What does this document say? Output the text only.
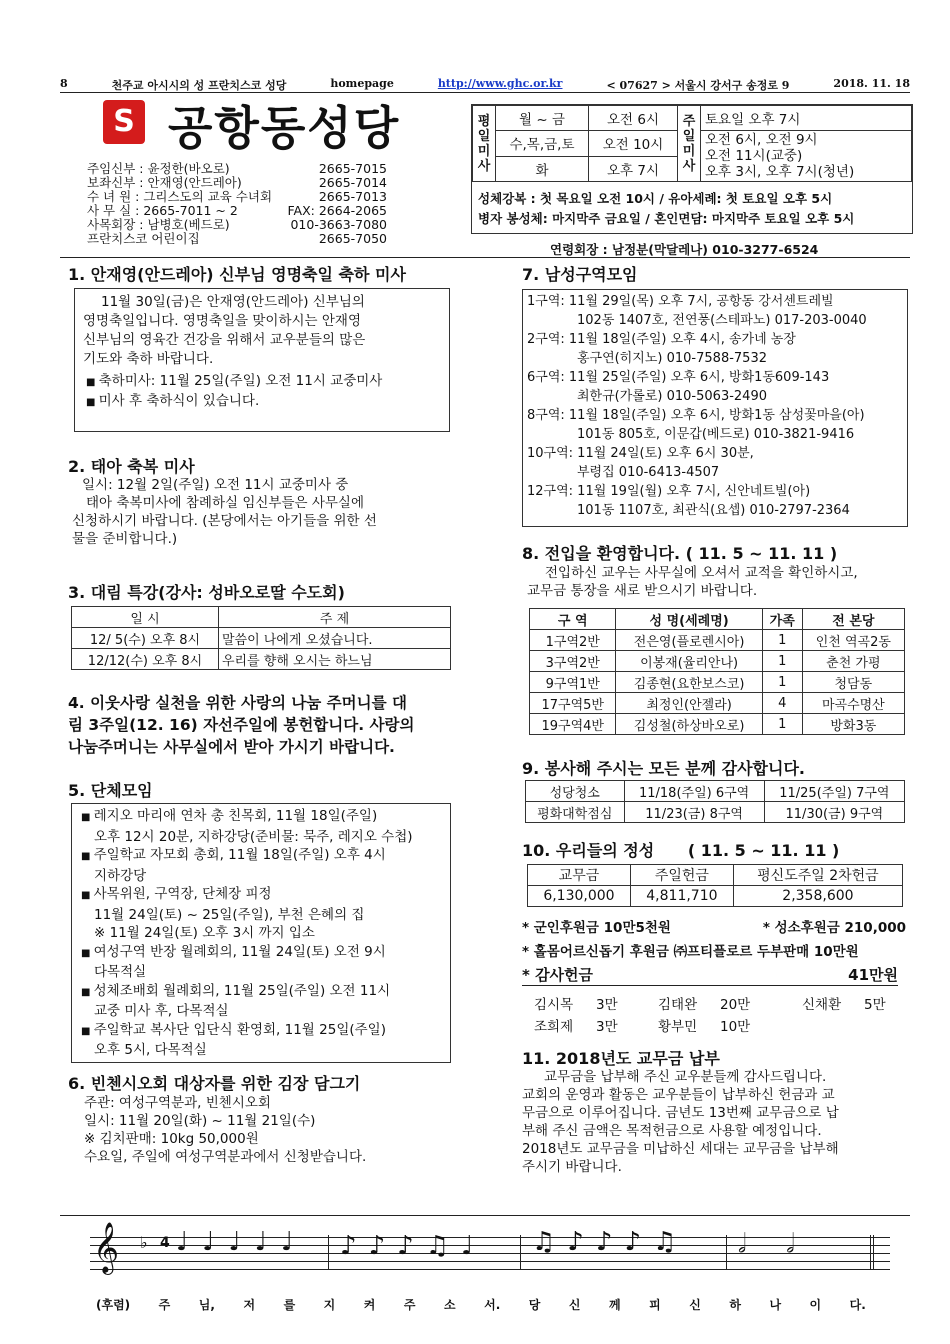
8	천주교 아시시의 성 프란치스코 성당	homepage	http://www.ghc.or.kr	< 07627 > 서울시 강서구 송정로 9	2018. 11. 18
S 공항동성당
주임신부 : 윤정한(바오로)	2665-7015
보좌신부 : 안재영(안드레아)	2665-7014
수 녀 원 : 그리스도의 교육 수녀회	2665-7013
사 무 실 : 2665-7011 ~ 2	FAX: 2664-2065
사목회장 : 남병호(베드로)	010-3663-7080
프란치스코 어린이집	2665-7050
평일미사	월 ~ 금	오전 6시	주일미사	토요일 오후 7시
	수,목,금,토	오전 10시		오전 6시, 오전 9시
오전 11시(교중)
오후 3시, 오후 7시(청년)

	화	오후 7시		
성체강복 : 첫 목요일 오전 10시 / 유아세례: 첫 토요일 오후 5시
병자 봉성체: 마지막주 금요일 / 혼인면담: 마지막주 토요일 오후 5시
연령회장 : 남정분(막달레나) 010-3277-6524
1. 안재영(안드레아) 신부님 영명축일 축하 미사
11월 30일(금)은 안재영(안드레아) 신부님의
영명축일입니다. 영명축일을 맞이하시는 안재영
신부님의 영육간 건강을 위해서 교우분들의 많은
기도와 축하 바랍니다.
■ 축하미사: 11월 25일(주일) 오전 11시 교중미사
■ 미사 후 축하식이 있습니다.
2. 태아 축복 미사
일시: 12월 2일(주일) 오전 11시 교중미사 중
태아 축복미사에 참례하실 임신부들은 사무실에
신청하시기 바랍니다. (본당에서는 아기들을 위한 선
물을 준비합니다.)
3. 대림 특강(강사: 성바오로딸 수도회)
일 시	주 제
12/ 5(수) 오후 8시	말씀이 나에게 오셨습니다.
12/12(수) 오후 8시	우리를 향해 오시는 하느님
4. 이웃사랑 실천을 위한 사랑의 나눔 주머니를 대
림 3주일(12. 16) 자선주일에 봉헌합니다. 사랑의
나눔주머니는 사무실에서 받아 가시기 바랍니다.
5. 단체모임
■ 레지오 마리애 연차 총 친목회, 11월 18일(주일)
오후 12시 20분, 지하강당(준비물: 묵주, 레지오 수첩)
■ 주일학교 자모회 총회, 11월 18일(주일) 오후 4시
지하강당
■ 사목위원, 구역장, 단체장 피정
11월 24일(토) ~ 25일(주일), 부천 은혜의 집
※ 11월 24일(토) 오후 3시 까지 입소
■ 여성구역 반장 월례회의, 11월 24일(토) 오전 9시
다목적실
■ 성체조배회 월례회의, 11월 25일(주일) 오전 11시
교중 미사 후, 다목적실
■ 주일학교 복사단 입단식 환영회, 11월 25일(주일)
오후 5시, 다목적실
6. 빈첸시오회 대상자를 위한 김장 담그기
주관: 여성구역분과, 빈첸시오회
일시: 11월 20일(화) ~ 11월 21일(수)
※ 김치판매: 10kg 50,000원
수요일, 주일에 여성구역분과에서 신청받습니다.
7. 남성구역모임
1구역: 11월 29일(목) 오후 7시, 공항동 강서센트레빌
102동 1407호, 전연풍(스테파노) 017-203-0040
2구역: 11월 18일(주일) 오후 4시, 송가네 농장
홍구연(히지노) 010-7588-7532
6구역: 11월 25일(주일) 오후 6시, 방화1동609-143
최한규(가롤로) 010-5063-2490
8구역: 11월 18일(주일) 오후 6시, 방화1동 삼성꽃마을(아)
101동 805호, 이문갑(베드로) 010-3821-9416
10구역: 11월 24일(토) 오후 6시 30분,
부령집 010-6413-4507
12구역: 11월 19일(월) 오후 7시, 신안네트빌(아)
101동 1107호, 최관식(요셉) 010-2797-2364
8. 전입을 환영합니다. ( 11. 5 ~ 11. 11 )
전입하신 교우는 사무실에 오셔서 교적을 확인하시고,
교무금 통장을 새로 받으시기 바랍니다.
구 역	성 명(세례명)	가족	전 본당
1구역2반	전은영(플로렌시아)	1	인천 역곡2동
3구역2반	이봉재(율리안나)	1	춘천 가평
9구역1반	김종현(요한보스코)	1	청담동
17구역5반	최정인(안젤라)	4	마곡수명산
19구역4반	김성철(하상바오로)	1	방화3동
9. 봉사해 주시는 모든 분께 감사합니다.
성당청소	11/18(주일) 6구역	11/25(주일) 7구역
평화대학점심	11/23(금) 8구역	11/30(금) 9구역
10. 우리들의 정성 ( 11. 5 ~ 11. 11 )
교무금	주일헌금	평신도주일 2차헌금
6,130,000	4,811,710	2,358,600
* 군인후원금 10만5천원	* 성소후원금 210,000
* 홀몸어르신돕기 후원금 ㈜프티플로르 두부판매 10만원
* 감사헌금	41만원
김시목	3만	김태완	20만	신채환	5만
조희제	3만	황부민	10만
11. 2018년도 교무금 납부
교무금을 납부해 주신 교우분들께 감사드립니다.
교회의 운영과 활동은 교우분들이 납부하신 헌금과 교
무금으로 이루어집니다. 금년도 13번째 교무금으로 납
부해 주신 금액은 목적헌금으로 사용할 예정입니다.
2018년도 교무금을 미납하신 세대는 교무금을 납부해
주시기 바랍니다.
𝄞 ♭ 4 ♩♩♩♩♩ ♪♪♪♫♩ ♫♪♪♪♫ 𝅗𝅥𝅗𝅥
(후렴) 주 님, 저 를 지 켜 주 소 서. 당 신 께 피 신 하 나 이 다.
